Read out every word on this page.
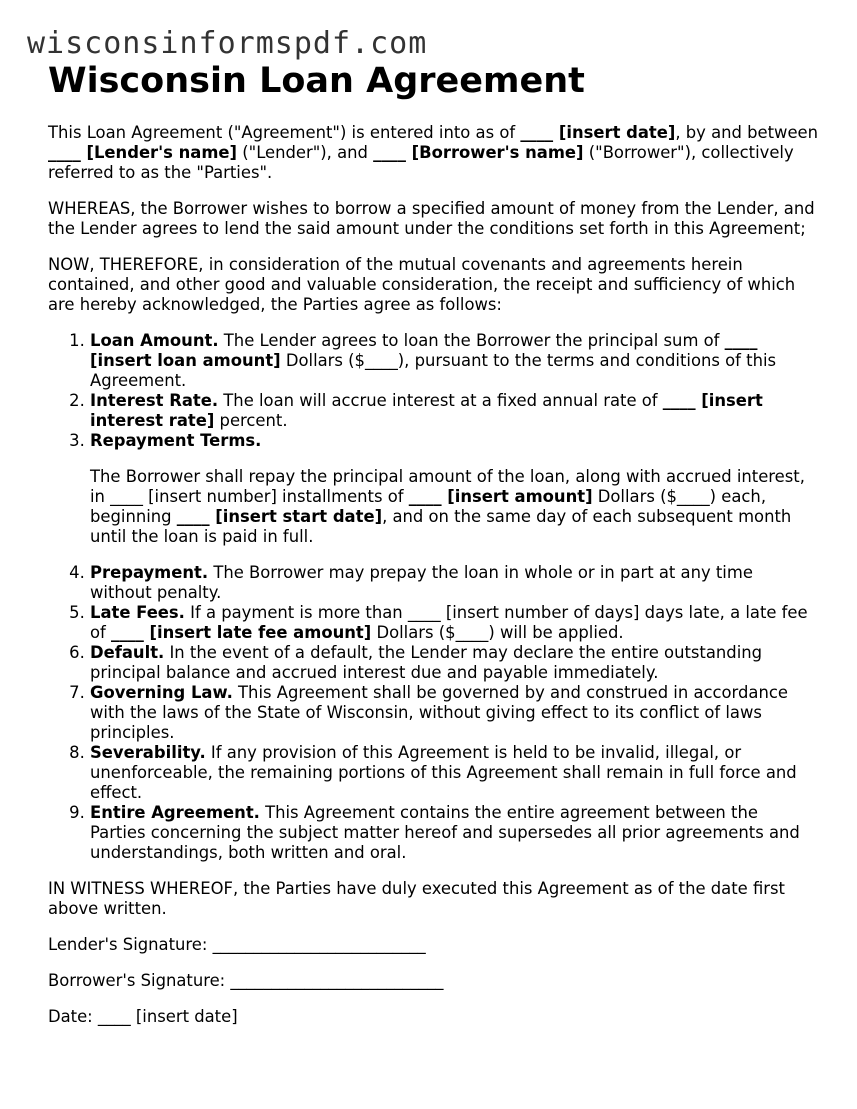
wisconsinformspdf.com
Wisconsin Loan Agreement

This Loan Agreement ("Agreement") is entered into as of ____ [insert date], by and between ____ [Lender's name] ("Lender"), and ____ [Borrower's name] ("Borrower"), collectively referred to as the "Parties".

WHEREAS, the Borrower wishes to borrow a specified amount of money from the Lender, and the Lender agrees to lend the said amount under the conditions set forth in this Agreement;

NOW, THEREFORE, in consideration of the mutual covenants and agreements herein contained, and other good and valuable consideration, the receipt and sufficiency of which are hereby acknowledged, the Parties agree as follows:

1. Loan Amount. The Lender agrees to loan the Borrower the principal sum of ____ [insert loan amount] Dollars ($____), pursuant to the terms and conditions of this Agreement.
2. Interest Rate. The loan will accrue interest at a fixed annual rate of ____ [insert interest rate] percent.
3. Repayment Terms.

The Borrower shall repay the principal amount of the loan, along with accrued interest, in ____ [insert number] installments of ____ [insert amount] Dollars ($____) each, beginning ____ [insert start date], and on the same day of each subsequent month until the loan is paid in full.

4. Prepayment. The Borrower may prepay the loan in whole or in part at any time without penalty.
5. Late Fees. If a payment is more than ____ [insert number of days] days late, a late fee of ____ [insert late fee amount] Dollars ($____) will be applied.
6. Default. In the event of a default, the Lender may declare the entire outstanding principal balance and accrued interest due and payable immediately.
7. Governing Law. This Agreement shall be governed by and construed in accordance with the laws of the State of Wisconsin, without giving effect to its conflict of laws principles.
8. Severability. If any provision of this Agreement is held to be invalid, illegal, or unenforceable, the remaining portions of this Agreement shall remain in full force and effect.
9. Entire Agreement. This Agreement contains the entire agreement between the Parties concerning the subject matter hereof and supersedes all prior agreements and understandings, both written and oral.

IN WITNESS WHEREOF, the Parties have duly executed this Agreement as of the date first above written.

Lender's Signature: __________________________

Borrower's Signature: __________________________

Date: ____ [insert date]
